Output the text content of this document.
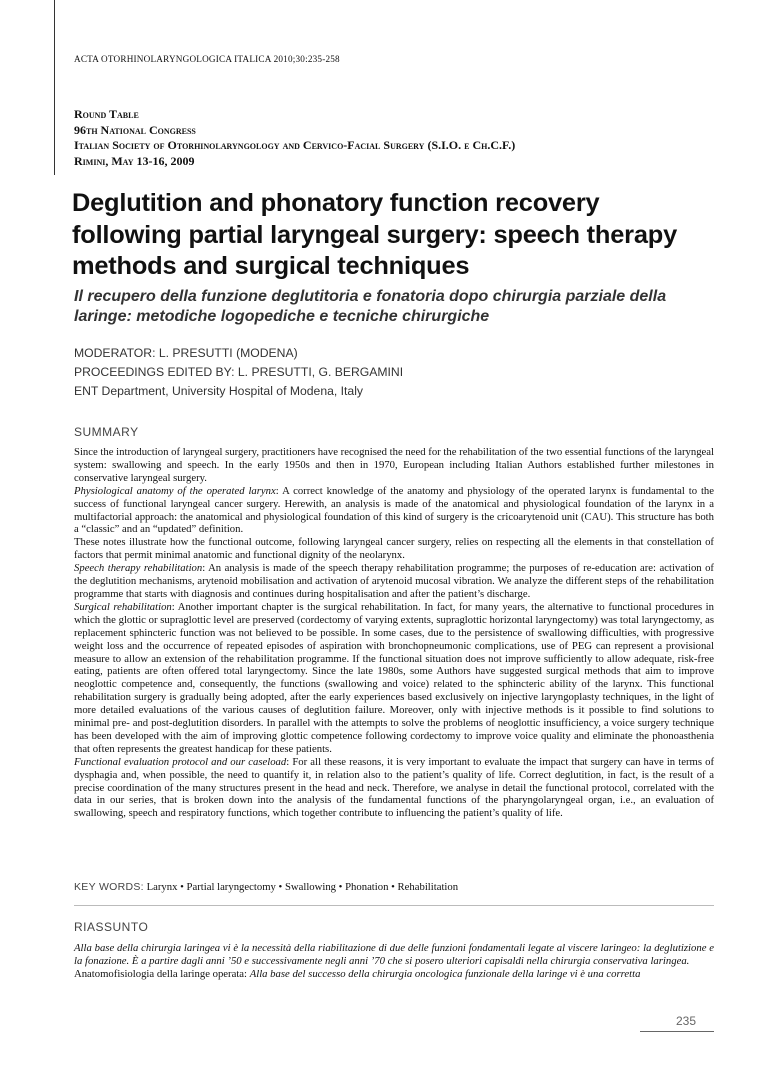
ACTA OTORHINOLARYNGOLOGICA ITALICA 2010;30:235-258
Round Table
96th National Congress
Italian Society of Otorhinolaryngology and Cervico-Facial Surgery (S.I.O. e Ch.C.F.)
Rimini, May 13-16, 2009
Deglutition and phonatory function recovery following partial laryngeal surgery: speech therapy methods and surgical techniques
Il recupero della funzione deglutitoria e fonatoria dopo chirurgia parziale della laringe: metodiche logopediche e tecniche chirurgiche
MODERATOR: L. PRESUTTI (MODENA)
PROCEEDINGS EDITED BY: L. PRESUTTI, G. BERGAMINI
ENT Department, University Hospital of Modena, Italy
SUMMARY

Since the introduction of laryngeal surgery, practitioners have recognised the need for the rehabilitation of the two essential functions of the laryngeal system: swallowing and speech. In the early 1950s and then in 1970, European including Italian Authors established further milestones in conservative laryngeal surgery.

Physiological anatomy of the operated larynx: A correct knowledge of the anatomy and physiology of the operated larynx is fundamental to the success of functional laryngeal cancer surgery. Herewith, an analysis is made of the anatomical and physiological foundation of the larynx in a multifactorial approach: the anatomical and physiological foundation of this kind of surgery is the cricoarytenoid unit (CAU). This structure has both a “classic” and an “updated” definition.

These notes illustrate how the functional outcome, following laryngeal cancer surgery, relies on respecting all the elements in that constellation of factors that permit minimal anatomic and functional dignity of the neolarynx.

Speech therapy rehabilitation: An analysis is made of the speech therapy rehabilitation programme; the purposes of re-education are: activation of the deglutition mechanisms, arytenoid mobilisation and activation of arytenoid mucosal vibration. We analyze the different steps of the rehabilitation programme that starts with diagnosis and continues during hospitalisation and after the patient’s discharge.

Surgical rehabilitation: Another important chapter is the surgical rehabilitation. In fact, for many years, the alternative to functional procedures in which the glottic or supraglottic level are preserved (cordectomy of varying extents, supraglottic horizontal laryngectomy) was total laryngectomy, as replacement sphincteric function was not believed to be possible. In some cases, due to the persistence of swallowing difficulties, with progressive weight loss and the occurrence of repeated episodes of aspiration with bronchopneumonic complications, use of PEG can represent a provisional measure to allow an extension of the rehabilitation programme. If the functional situation does not improve sufficiently to allow adequate, risk-free eating, patients are often offered total laryngectomy. Since the late 1980s, some Authors have suggested surgical methods that aim to improve neoglottic competence and, consequently, the functions (swallowing and voice) related to the sphincteric ability of the larynx. This functional rehabilitation surgery is gradually being adopted, after the early experiences based exclusively on injective laryngoplasty techniques, in the light of more detailed evaluations of the various causes of deglutition failure. Moreover, only with injective methods is it possible to find solutions to minimal pre- and post-deglutition disorders. In parallel with the attempts to solve the problems of neoglottic insufficiency, a voice surgery technique has been developed with the aim of improving glottic competence following cordectomy to improve voice quality and eliminate the phonoasthenia that often represents the greatest handicap for these patients.

Functional evaluation protocol and our caseload: For all these reasons, it is very important to evaluate the impact that surgery can have in terms of dysphagia and, when possible, the need to quantify it, in relation also to the patient’s quality of life. Correct deglutition, in fact, is the result of a precise coordination of the many structures present in the head and neck. Therefore, we analyse in detail the functional protocol, correlated with the data in our series, that is broken down into the analysis of the fundamental functions of the pharyngolaryngeal organ, i.e., an evaluation of swallowing, speech and respiratory functions, which together contribute to influencing the patient’s quality of life.

KEY WORDS: Larynx • Partial laryngectomy • Swallowing • Phonation • Rehabilitation
RIASSUNTO

Alla base della chirurgia laringea vi è la necessità della riabilitazione di due delle funzioni fondamentali legate al viscere laringeo: la deglutizione e la fonazione. È a partire dagli anni ’50 e successivamente negli anni ’70 che si posero ulteriori capisaldi nella chirurgia conservativa laringea.

Anatomofisiologia della laringe operata: Alla base del successo della chirurgia oncologica funzionale della laringe vi è una corretta

235
